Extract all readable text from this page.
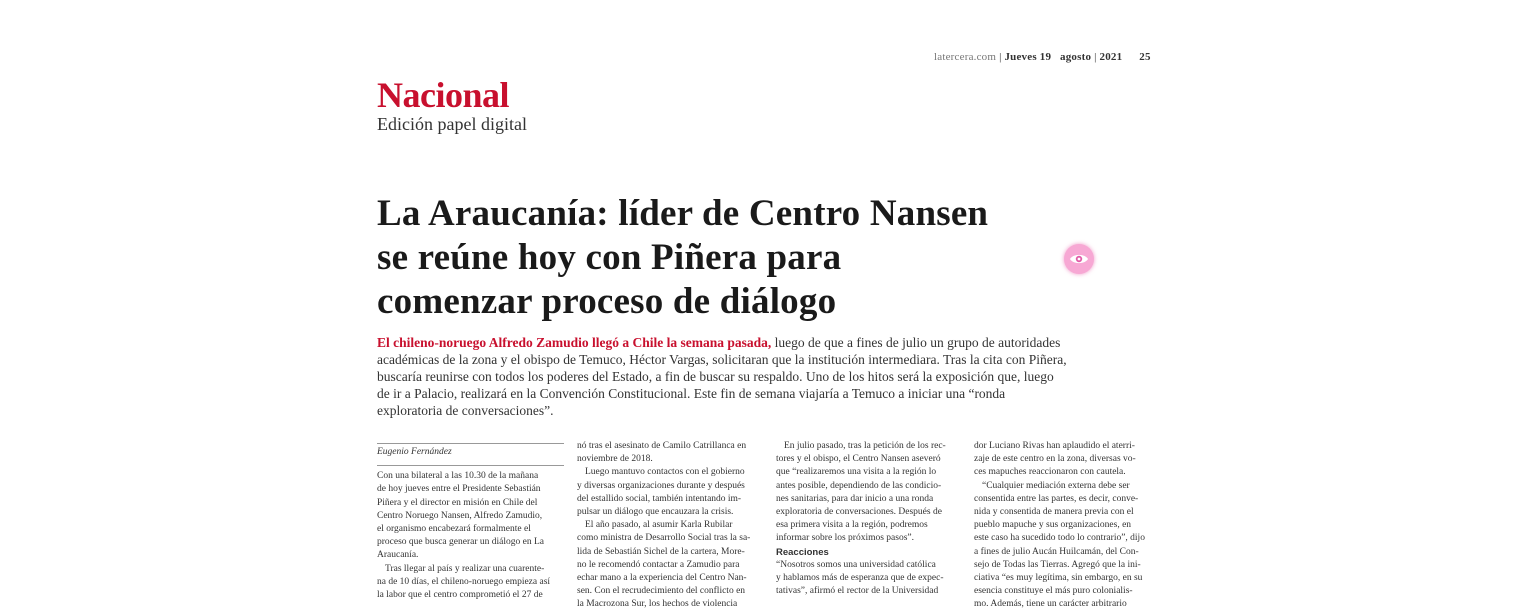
latercera.com | Jueves 19 agosto | 2021 25
Nacional
Edición papel digital
La Araucanía: líder de Centro Nansen
se reúne hoy con Piñera para
comenzar proceso de diálogo
El chileno-noruego Alfredo Zamudio llegó a Chile la semana pasada, luego de que a fines de julio un grupo de autoridades
académicas de la zona y el obispo de Temuco, Héctor Vargas, solicitaran que la institución intermediara. Tras la cita con Piñera,
buscaría reunirse con todos los poderes del Estado, a fin de buscar su respaldo. Uno de los hitos será la exposición que, luego
de ir a Palacio, realizará en la Convención Constitucional. Este fin de semana viajaría a Temuco a iniciar una “ronda
exploratoria de conversaciones”.
Eugenio Fernández

Con una bilateral a las 10.30 de la mañana

de hoy jueves entre el Presidente Sebastián

Piñera y el director en misión en Chile del

Centro Noruego Nansen, Alfredo Zamudio,

el organismo encabezará formalmente el

proceso que busca generar un diálogo en La

Araucanía.

Tras llegar al país y realizar una cuarente-

na de 10 días, el chileno-noruego empieza así

la labor que el centro comprometió el 27 de

nó tras el asesinato de Camilo Catrillanca en

noviembre de 2018.

Luego mantuvo contactos con el gobierno

y diversas organizaciones durante y después

del estallido social, también intentando im-

pulsar un diálogo que encauzara la crisis.

El año pasado, al asumir Karla Rubilar

como ministra de Desarrollo Social tras la sa-

lida de Sebastián Sichel de la cartera, More-

no le recomendó contactar a Zamudio para

echar mano a la experiencia del Centro Nan-

sen. Con el recrudecimiento del conflicto en

la Macrozona Sur, los hechos de violencia

En julio pasado, tras la petición de los rec-

tores y el obispo, el Centro Nansen aseveró

que “realizaremos una visita a la región lo

antes posible, dependiendo de las condicio-

nes sanitarias, para dar inicio a una ronda

exploratoria de conversaciones. Después de

esa primera visita a la región, podremos

informar sobre los próximos pasos”.

Reacciones

“Nosotros somos una universidad católica

y hablamos más de esperanza que de expec-

tativas”, afirmó el rector de la Universidad

dor Luciano Rivas han aplaudido el aterri-

zaje de este centro en la zona, diversas vo-

ces mapuches reaccionaron con cautela.

“Cualquier mediación externa debe ser

consentida entre las partes, es decir, conve-

nida y consentida de manera previa con el

pueblo mapuche y sus organizaciones, en

este caso ha sucedido todo lo contrario”, dijo

a fines de julio Aucán Huilcamán, del Con-

sejo de Todas las Tierras. Agregó que la ini-

ciativa “es muy legítima, sin embargo, en su

esencia constituye el más puro colonialis-

mo. Además, tiene un carácter arbitrario
